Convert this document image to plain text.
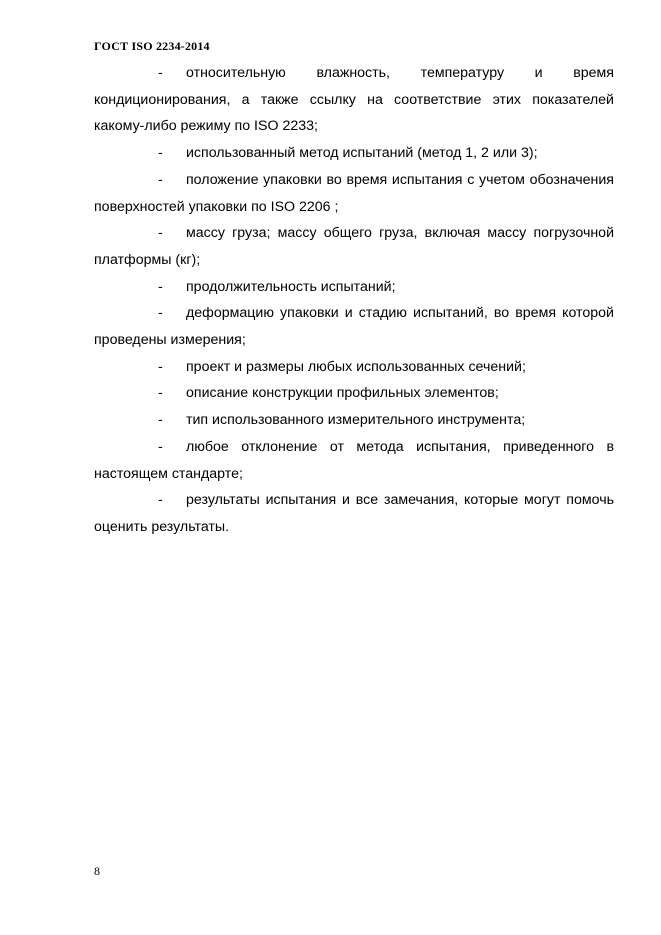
ГОСТ ISO 2234-2014
- относительную влажность, температуру и время кондиционирования, а также ссылку на соответствие этих показателей какому-либо режиму по ISO 2233;
- использованный метод испытаний (метод 1, 2 или 3);
- положение упаковки во время испытания с учетом обозначения поверхностей упаковки по ISO 2206 ;
- массу груза; массу общего груза, включая массу погрузочной платформы (кг);
- продолжительность испытаний;
- деформацию упаковки и стадию испытаний, во время которой проведены измерения;
- проект и размеры любых использованных сечений;
- описание конструкции профильных элементов;
- тип использованного измерительного инструмента;
- любое отклонение от метода испытания, приведенного в настоящем стандарте;
- результаты испытания и все замечания, которые могут помочь оценить результаты.
8
